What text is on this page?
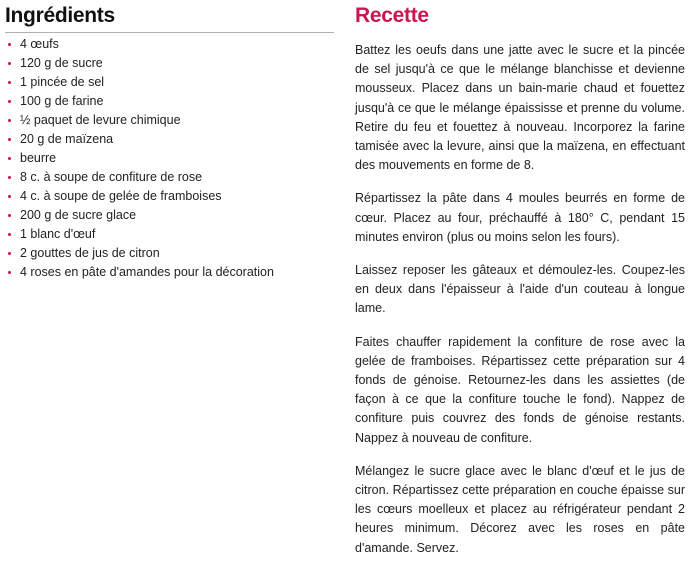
Ingrédients
4 œufs
120 g de sucre
1 pincée de sel
100 g de farine
½ paquet de levure chimique
20 g de maïzena
beurre
8 c. à soupe de confiture de rose
4 c. à soupe de gelée de framboises
200 g de sucre glace
1 blanc d'œuf
2 gouttes de jus de citron
4 roses en pâte d'amandes pour la décoration
Recette

Battez les oeufs dans une jatte avec le sucre et la pincée de sel jusqu'à ce que le mélange blanchisse et devienne mousseux. Placez dans un bain-marie chaud et fouettez jusqu'à ce que le mélange épaississe et prenne du volume. Retire du feu et fouettez à nouveau. Incorporez la farine tamisée avec la levure, ainsi que la maïzena, en effectuant des mouvements en forme de 8.

Répartissez la pâte dans 4 moules beurrés en forme de cœur. Placez au four, préchauffé à 180° C, pendant 15 minutes environ (plus ou moins selon les fours).

Laissez reposer les gâteaux et démoulez-les. Coupez-les en deux dans l'épaisseur à l'aide d'un couteau à longue lame.

Faites chauffer rapidement la confiture de rose avec la gelée de framboises. Répartissez cette préparation sur 4 fonds de génoise. Retournez-les dans les assiettes (de façon à ce que la confiture touche le fond). Nappez de confiture puis couvrez des fonds de génoise restants. Nappez à nouveau de confiture.

Mélangez le sucre glace avec le blanc d'œuf et le jus de citron. Répartissez cette préparation en couche épaisse sur les cœurs moelleux et placez au réfrigérateur pendant 2 heures minimum. Décorez avec les roses en pâte d'amande. Servez.
